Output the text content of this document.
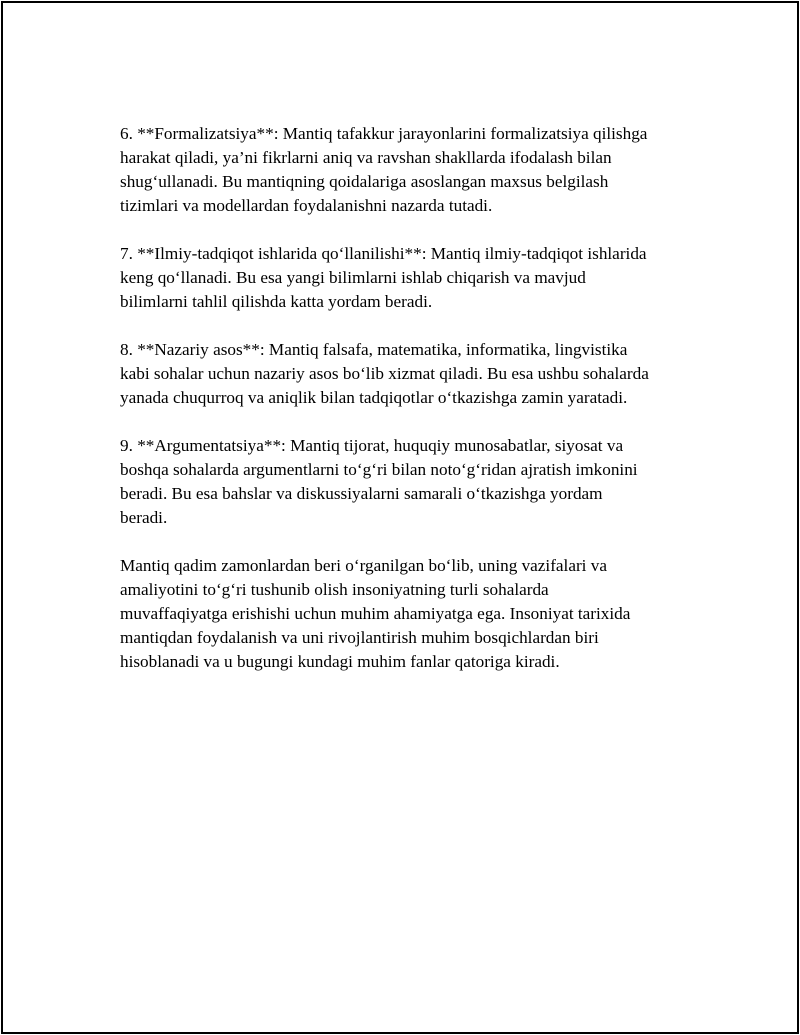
6. **Formalizatsiya**: Mantiq tafakkur jarayonlarini formalizatsiya qilishga
harakat qiladi, ya’ni fikrlarni aniq va ravshan shakllarda ifodalash bilan
shug‘ullanadi. Bu mantiqning qoidalariga asoslangan maxsus belgilash
tizimlari va modellardan foydalanishni nazarda tutadi.

7. **Ilmiy-tadqiqot ishlarida qo‘llanilishi**: Mantiq ilmiy-tadqiqot ishlarida
keng qo‘llanadi. Bu esa yangi bilimlarni ishlab chiqarish va mavjud
bilimlarni tahlil qilishda katta yordam beradi.

8. **Nazariy asos**: Mantiq falsafa, matematika, informatika, lingvistika
kabi sohalar uchun nazariy asos bo‘lib xizmat qiladi. Bu esa ushbu sohalarda
yanada chuqurroq va aniqlik bilan tadqiqotlar o‘tkazishga zamin yaratadi.

9. **Argumentatsiya**: Mantiq tijorat, huquqiy munosabatlar, siyosat va
boshqa sohalarda argumentlarni to‘g‘ri bilan noto‘g‘ridan ajratish imkonini
beradi. Bu esa bahslar va diskussiyalarni samarali o‘tkazishga yordam
beradi.

Mantiq qadim zamonlardan beri o‘rganilgan bo‘lib, uning vazifalari va
amaliyotini to‘g‘ri tushunib olish insoniyatning turli sohalarda
muvaffaqiyatga erishishi uchun muhim ahamiyatga ega. Insoniyat tarixida
mantiqdan foydalanish va uni rivojlantirish muhim bosqichlardan biri
hisoblanadi va u bugungi kundagi muhim fanlar qatoriga kiradi.
